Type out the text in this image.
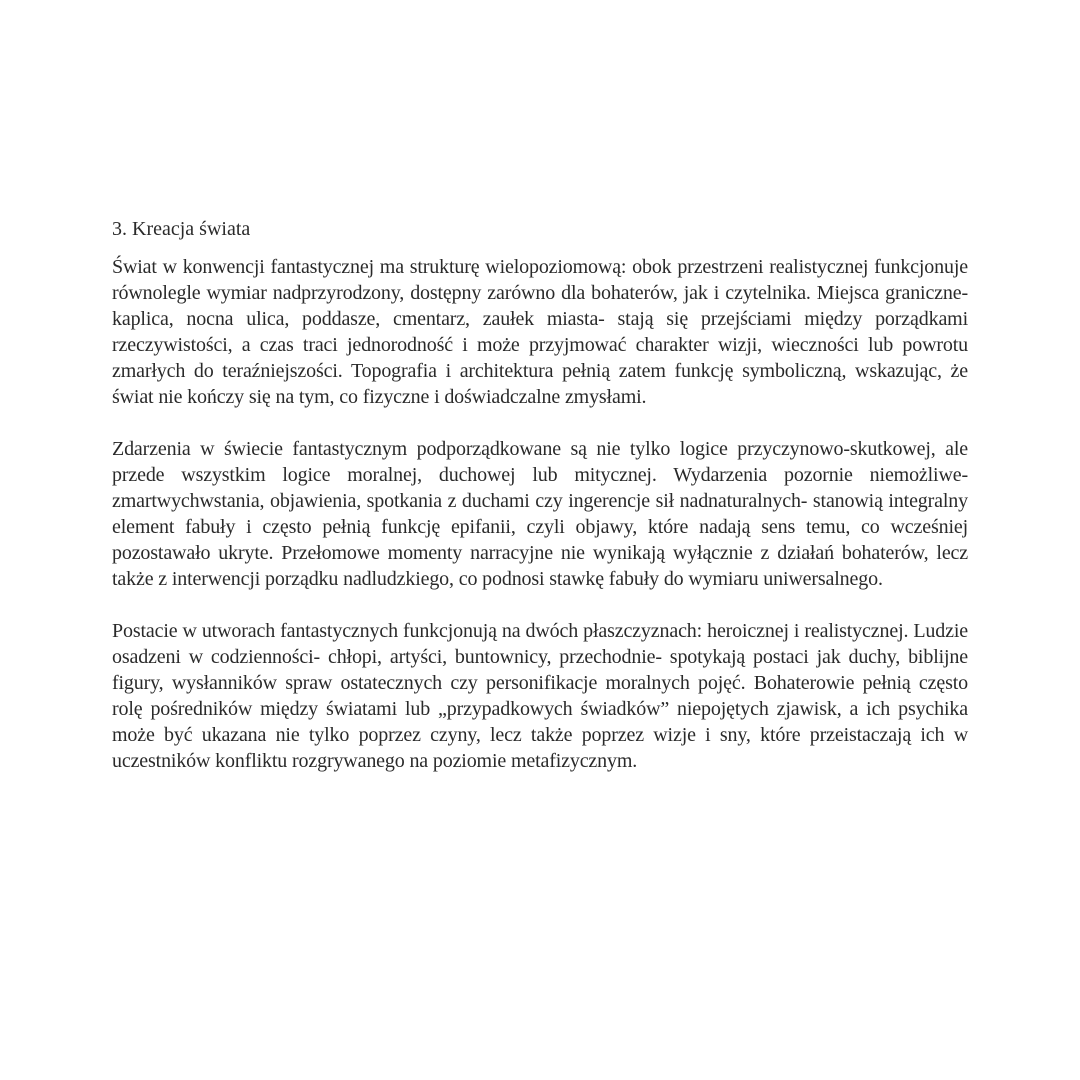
3. Kreacja świata

Świat w konwencji fantastycznej ma strukturę wielopoziomową: obok przestrzeni realistycznej funkcjonuje równolegle wymiar nadprzyrodzony, dostępny zarówno dla bohaterów, jak i czytelnika. Miejsca graniczne- kaplica, nocna ulica, poddasze, cmentarz, zaułek miasta- stają się przejściami między porządkami rzeczywistości, a czas traci jednorodność i może przyjmować charakter wizji, wieczności lub powrotu zmarłych do teraźniejszości. Topografia i architektura pełnią zatem funkcję symboliczną, wskazując, że świat nie kończy się na tym, co fizyczne i doświadczalne zmysłami.

Zdarzenia w świecie fantastycznym podporządkowane są nie tylko logice przyczynowo-skutkowej, ale przede wszystkim logice moralnej, duchowej lub mitycznej. Wydarzenia pozornie niemożliwe- zmartwychwstania, objawienia, spotkania z duchami czy ingerencje sił nadnaturalnych- stanowią integralny element fabuły i często pełnią funkcję epifanii, czyli objawy, które nadają sens temu, co wcześniej pozostawało ukryte. Przełomowe momenty narracyjne nie wynikają wyłącznie z działań bohaterów, lecz także z interwencji porządku nadludzkiego, co podnosi stawkę fabuły do wymiaru uniwersalnego.

Postacie w utworach fantastycznych funkcjonują na dwóch płaszczyznach: heroicznej i realistycznej. Ludzie osadzeni w codzienności- chłopi, artyści, buntownicy, przechodnie- spotykają postaci jak duchy, biblijne figury, wysłanników spraw ostatecznych czy personifikacje moralnych pojęć. Bohaterowie pełnią często rolę pośredników między światami lub „przypadkowych świadków” niepojętych zjawisk, a ich psychika może być ukazana nie tylko poprzez czyny, lecz także poprzez wizje i sny, które przeistaczają ich w uczestników konfliktu rozgrywanego na poziomie metafizycznym.
